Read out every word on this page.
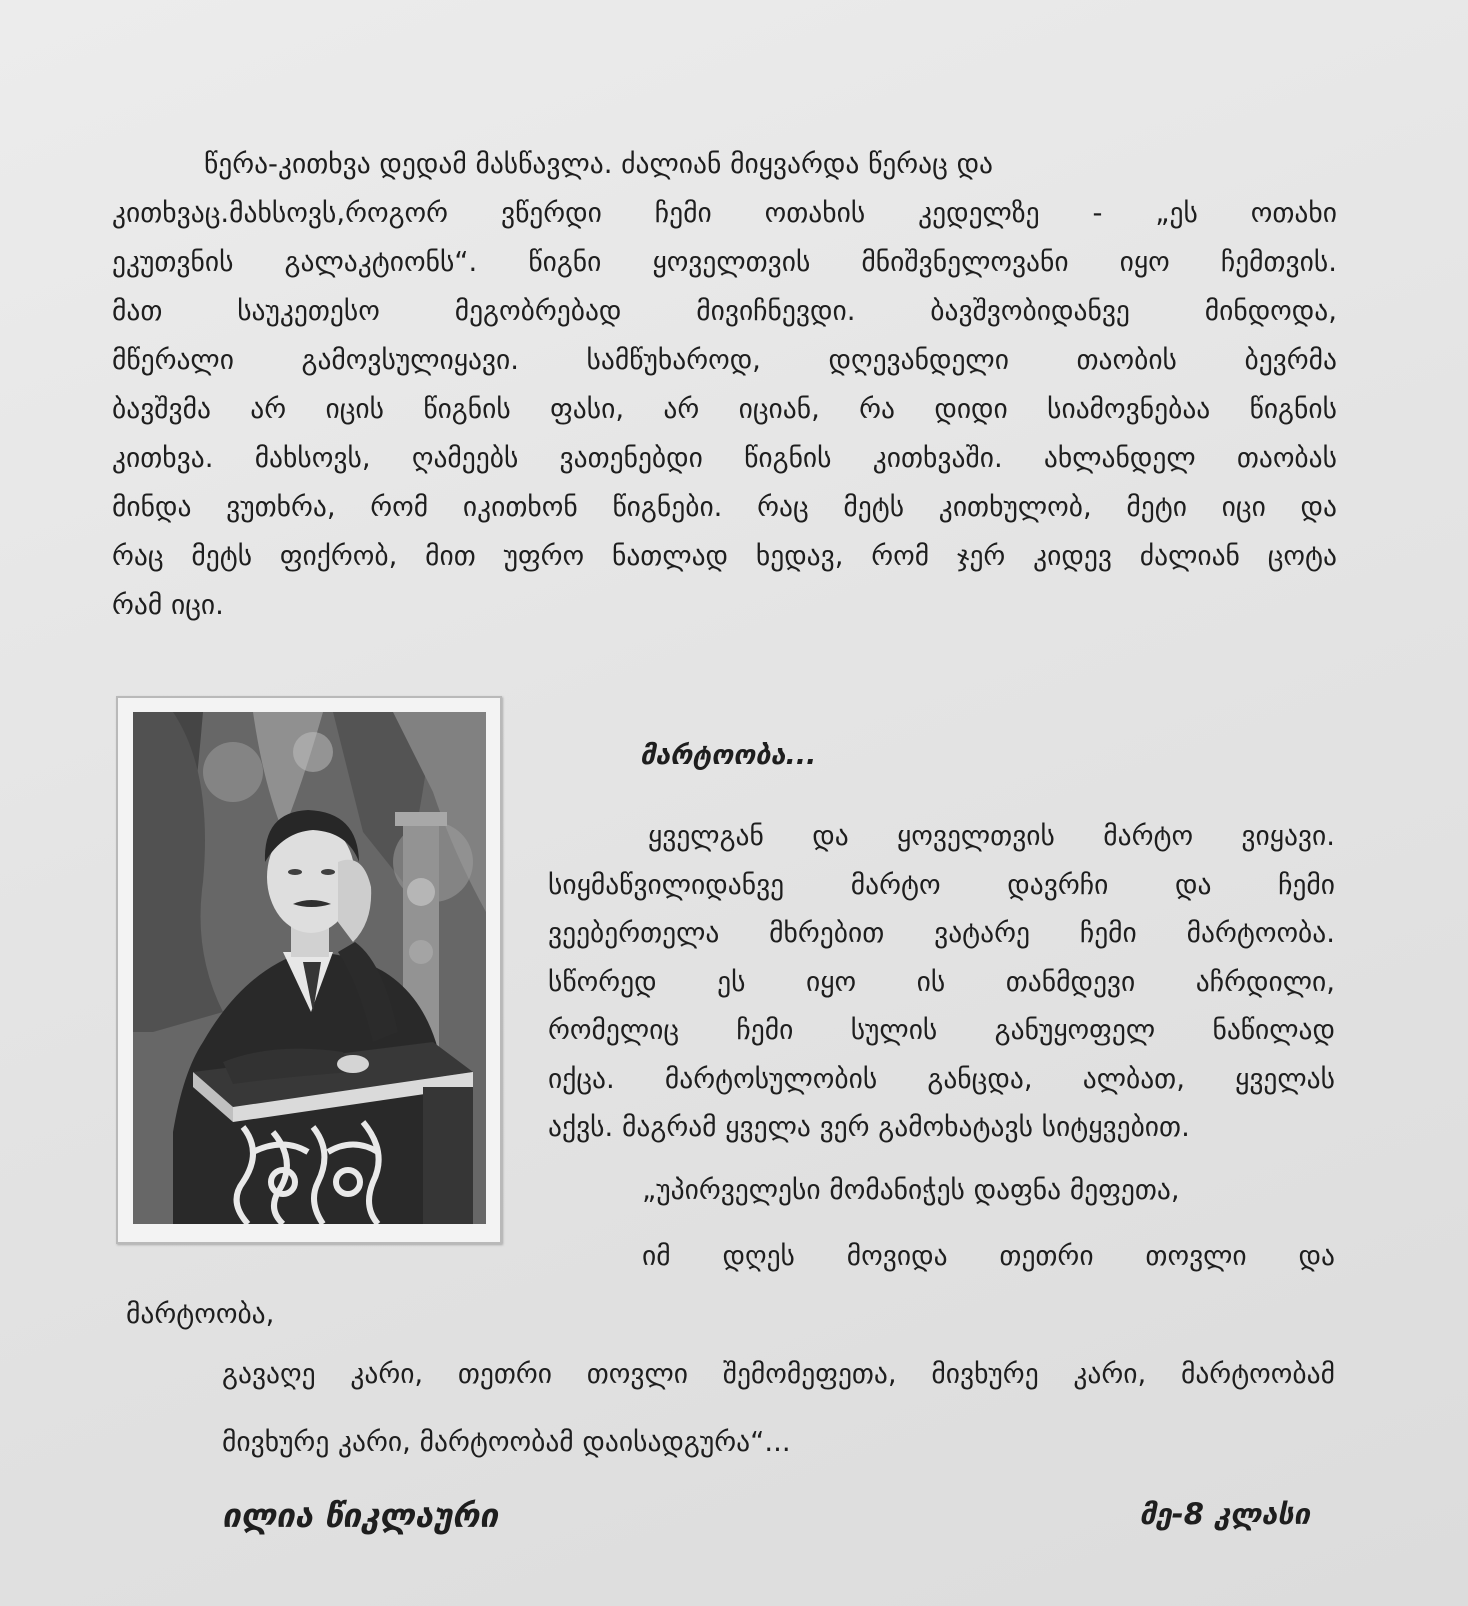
წერა-კითხვა დედამ მასწავლა. ძალიან მიყვარდა წერაც და
კითხვაც.მახსოვს,როგორ ვწერდი ჩემი ოთახის კედელზე - „ეს ოთახი
ეკუთვნის გალაკტიონს“. წიგნი ყოველთვის მნიშვნელოვანი იყო ჩემთვის.
მათ საუკეთესო მეგობრებად მივიჩნევდი. ბავშვობიდანვე მინდოდა,
მწერალი გამოვსულიყავი. სამწუხაროდ, დღევანდელი თაობის ბევრმა
ბავშვმა არ იცის წიგნის ფასი, არ იციან, რა დიდი სიამოვნებაა წიგნის
კითხვა. მახსოვს, ღამეებს ვათენებდი წიგნის კითხვაში. ახლანდელ თაობას
მინდა ვუთხრა, რომ იკითხონ წიგნები. რაც მეტს კითხულობ, მეტი იცი და
რაც მეტს ფიქრობ, მით უფრო ნათლად ხედავ, რომ ჯერ კიდევ ძალიან ცოტა
რამ იცი.
მარტოობა...
ყველგან და ყოველთვის მარტო ვიყავი.
სიყმაწვილიდანვე მარტო დავრჩი და ჩემი
ვეებერთელა მხრებით ვატარე ჩემი მარტოობა.
სწორედ ეს იყო ის თანმდევი აჩრდილი,
რომელიც ჩემი სულის განუყოფელ ნაწილად
იქცა. მარტოსულობის განცდა, ალბათ, ყველას
აქვს. მაგრამ ყველა ვერ გამოხატავს სიტყვებით.
„უპირველესი მომანიჭეს დაფნა მეფეთა,
იმ დღეს მოვიდა თეთრი თოვლი და
მარტოობა,
გავაღე კარი, თეთრი თოვლი შემომეფეთა, მივხურე კარი, მარტოობამ
მივხურე კარი, მარტოობამ დაისადგურა“...
ილია წიკლაური	მე-8 კლასი
